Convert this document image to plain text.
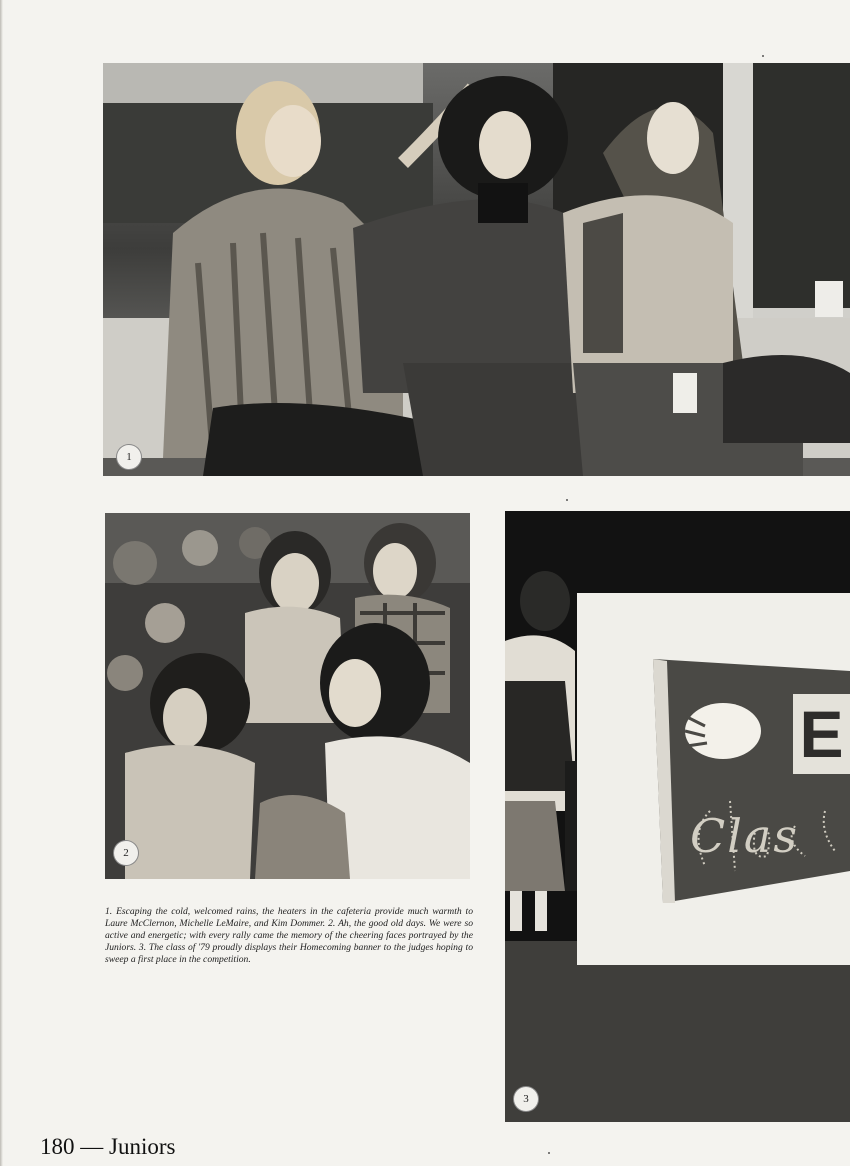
1
2
E
Clas
3
1. Escaping the cold, welcomed rains, the heaters in the cafeteria provide much warmth to Laure McClernon, Michelle LeMaire, and Kim Dommer. 2. Ah, the good old days. We were so active and energetic; with every rally came the memory of the cheering faces portrayed by the Juniors. 3. The class of '79 proudly displays their Homecoming banner to the judges hoping to sweep a first place in the competition.
180 — Juniors
